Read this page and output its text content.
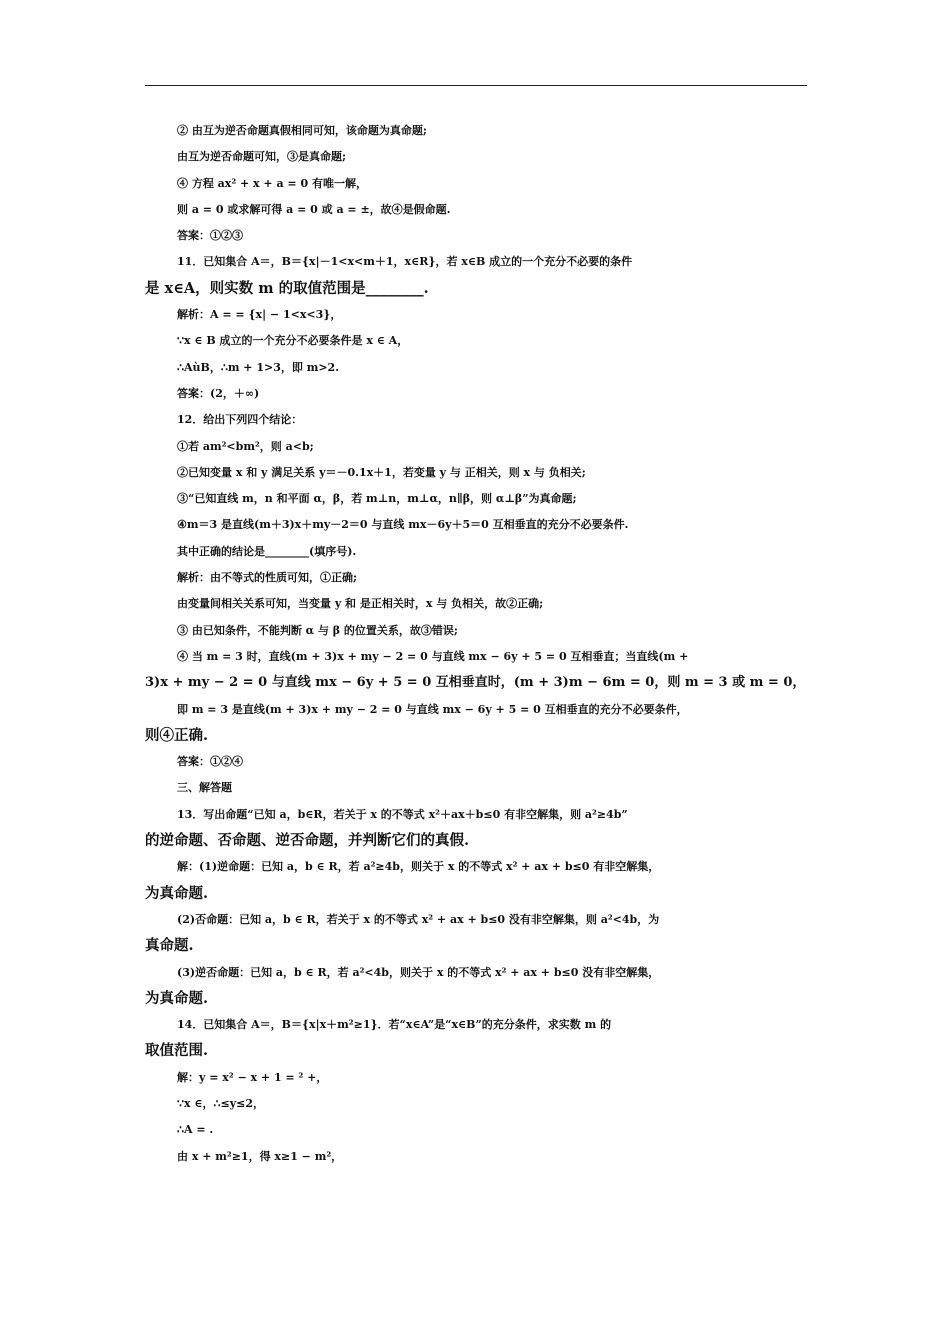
② 由互为逆否命题真假相同可知，该命题为真命题;
由互为逆否命题可知，③是真命题;
④ 方程 ax² + x + a = 0 有唯一解，
则 a = 0 或求解可得 a = 0 或 a = ±，故④是假命题.
答案：①②③
11．已知集合 A＝，B＝{x|－1<x<m＋1，x∈R}，若 x∈B 成立的一个充分不必要的条件
是 x∈A，则实数 m 的取值范围是________.
解析：A = = {x| − 1<x<3}，
∵x ∈ B 成立的一个充分不必要条件是 x ∈ A，
∴AùB，∴m + 1>3，即 m>2.
答案：(2，＋∞)
12．给出下列四个结论：
①若 am²<bm²，则 a<b;
②已知变量 x 和 y 满足关系 y＝－0.1x＋1，若变量 y 与 正相关，则 x 与 负相关;
③“已知直线 m，n 和平面 α，β，若 m⊥n，m⊥α，n∥β，则 α⊥β”为真命题;
④m＝3 是直线(m＋3)x＋my－2＝0 与直线 mx－6y＋5＝0 互相垂直的充分不必要条件.
其中正确的结论是________(填序号).
解析：由不等式的性质可知，①正确;
由变量间相关关系可知，当变量 y 和 是正相关时，x 与 负相关，故②正确;
③ 由已知条件，不能判断 α 与 β 的位置关系，故③错误;
④ 当 m = 3 时，直线(m + 3)x + my − 2 = 0 与直线 mx − 6y + 5 = 0 互相垂直；当直线(m +
3)x + my − 2 = 0 与直线 mx − 6y + 5 = 0 互相垂直时，(m + 3)m − 6m = 0，则 m = 3 或 m = 0，
即 m = 3 是直线(m + 3)x + my − 2 = 0 与直线 mx − 6y + 5 = 0 互相垂直的充分不必要条件，
则④正确.
答案：①②④
三、解答题
13．写出命题“已知 a，b∈R，若关于 x 的不等式 x²＋ax＋b≤0 有非空解集，则 a²≥4b”
的逆命题、否命题、逆否命题，并判断它们的真假.
解：(1)逆命题：已知 a，b ∈ R，若 a²≥4b，则关于 x 的不等式 x² + ax + b≤0 有非空解集，
为真命题.
(2)否命题：已知 a，b ∈ R，若关于 x 的不等式 x² + ax + b≤0 没有非空解集，则 a²<4b，为
真命题.
(3)逆否命题：已知 a，b ∈ R，若 a²<4b，则关于 x 的不等式 x² + ax + b≤0 没有非空解集，
为真命题.
14．已知集合 A＝，B＝{x|x＋m²≥1}．若“x∈A”是“x∈B”的充分条件，求实数 m 的
取值范围.
解：y = x² − x + 1 = ² +，
∵x ∈，∴≤y≤2，
∴A = .
由 x + m²≥1，得 x≥1 − m²，
